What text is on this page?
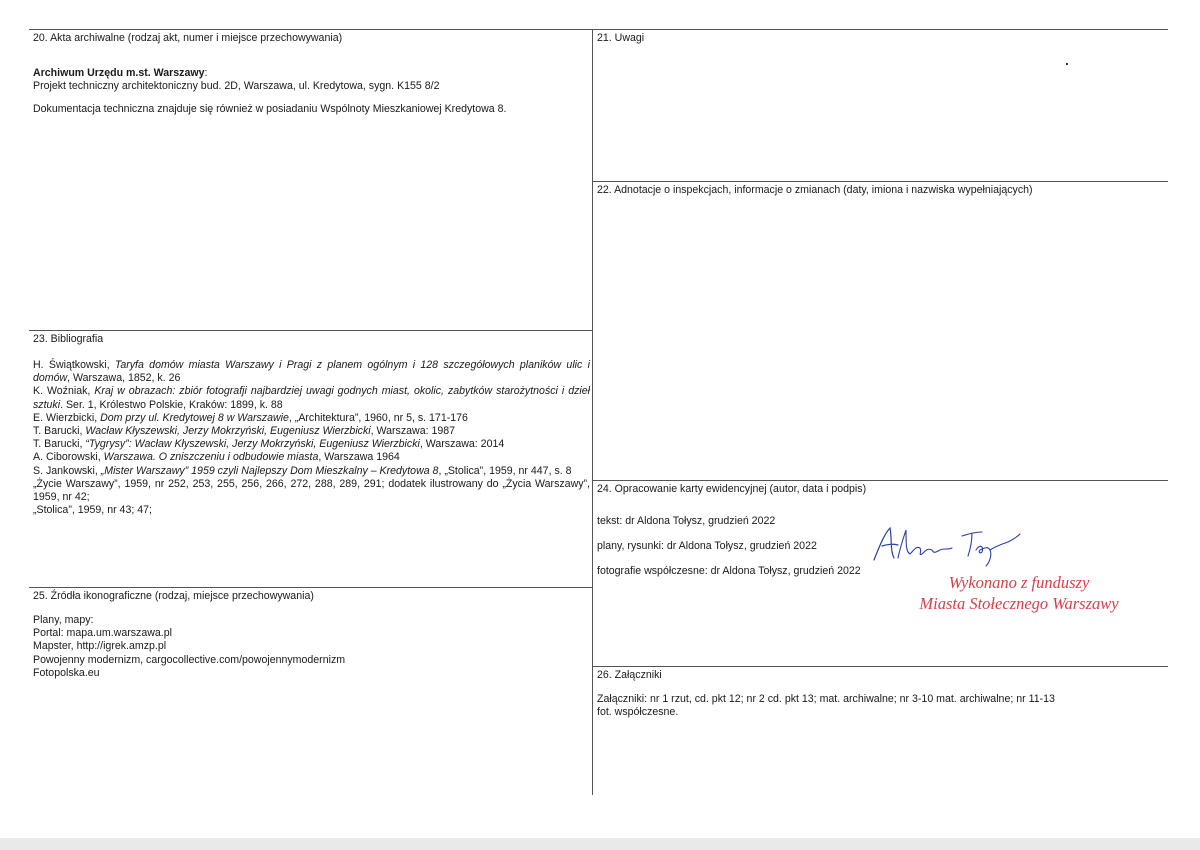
20. Akta archiwalne (rodzaj akt, numer i miejsce przechowywania)

Archiwum Urzędu m.st. Warszawy:

Projekt techniczny architektoniczny bud. 2D, Warszawa, ul. Kredytowa, sygn. K155 8/2

Dokumentacja techniczna znajduje się również w posiadaniu Wspólnoty Mieszkaniowej Kredytowa 8.

21. Uwagi
22. Adnotacje o inspekcjach, informacje o zmianach (daty, imiona i nazwiska wypełniających)
23. Bibliografia

H. Świątkowski, Taryfa domów miasta Warszawy i Pragi z planem ogólnym i 128 szczegółowych planików ulic i domów, Warszawa, 1852, k. 26

K. Woźniak, Kraj w obrazach: zbiór fotografji najbardziej uwagi godnych miast, okolic, zabytków starożytności i dzieł sztuki. Ser. 1, Królestwo Polskie, Kraków: 1899, k. 88

E. Wierzbicki, Dom przy ul. Kredytowej 8 w Warszawie, „Architektura”, 1960, nr 5, s. 171-176

T. Barucki, Wacław Kłyszewski, Jerzy Mokrzyński, Eugeniusz Wierzbicki, Warszawa: 1987

T. Barucki, “Tygrysy”: Wacław Kłyszewski, Jerzy Mokrzyński, Eugeniusz Wierzbicki, Warszawa: 2014

A. Ciborowski, Warszawa. O zniszczeniu i odbudowie miasta, Warszawa 1964

S. Jankowski, „Mister Warszawy” 1959 czyli Najlepszy Dom Mieszkalny – Kredytowa 8, „Stolica”, 1959, nr 447, s. 8

„Życie Warszawy”, 1959, nr 252, 253, 255, 256, 266, 272, 288, 289, 291; dodatek ilustrowany do „Życia Warszawy”, 1959, nr 42;

„Stolica”, 1959, nr 43; 47;

24. Opracowanie karty ewidencyjnej (autor, data i podpis)

tekst: dr Aldona Tołysz, grudzień 2022

plany, rysunki: dr Aldona Tołysz, grudzień 2022

fotografie współczesne: dr Aldona Tołysz, grudzień 2022

Wykonano z funduszy
Miasta Stołecznego Warszawy
25. Źródła ikonograficzne (rodzaj, miejsce przechowywania)

Plany, mapy:

Portal: mapa.um.warszawa.pl

Mapster, http://igrek.amzp.pl

Powojenny modernizm, cargocollective.com/powojennymodernizm

Fotopolska.eu	26. Załączniki

Załączniki: nr 1 rzut, cd. pkt 12; nr 2 cd. pkt 13; mat. archiwalne; nr 3-10 mat. archiwalne; nr 11-13

fot. współczesne.
